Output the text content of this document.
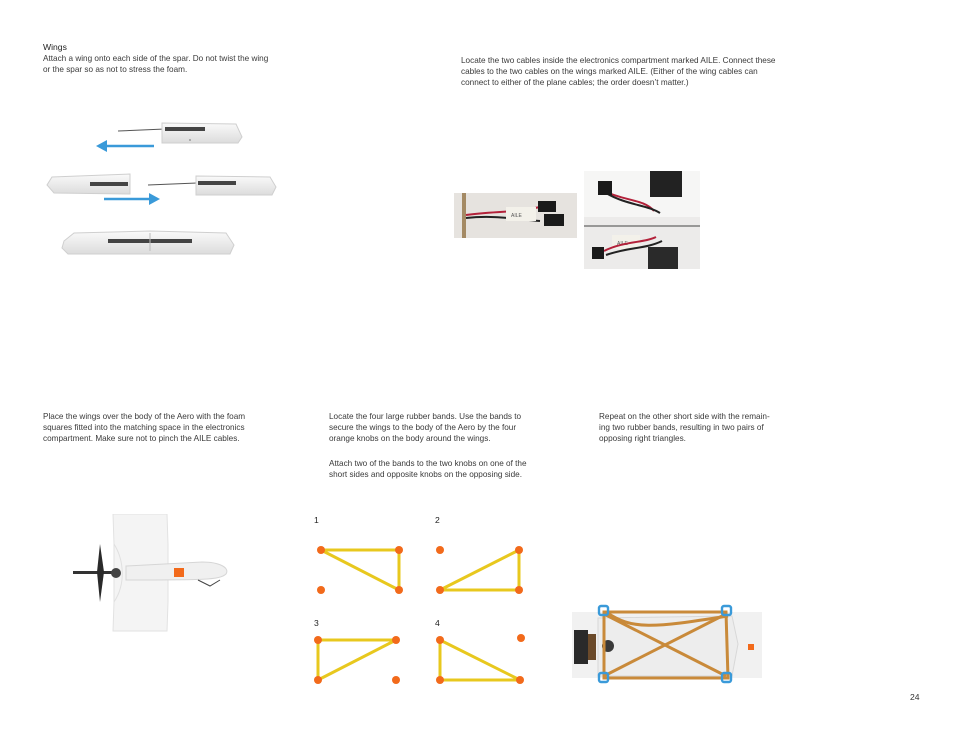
Wings
Attach a wing onto each side of the spar. Do not twist the wing
or the spar so as not to stress the foam.
Locate the two cables inside the electronics compartment marked AILE. Connect these
cables to the two cables on the wings marked AILE. (Either of the wing cables can
connect to either of the plane cables; the order doesn’t matter.)
AILE
AILE
Place the wings over the body of the Aero with the foam
squares fitted into the matching space in the electronics
compartment. Make sure not to pinch the AILE cables.
Locate the four large rubber bands. Use the bands to
secure the wings to the body of the Aero by the four
orange knobs on the body around the wings.
Attach two of the bands to the two knobs on one of the
short sides and opposite knobs on the opposing side.
Repeat on the other short side with the remain-
ing two rubber bands, resulting in two pairs of
opposing right triangles.
1	2
3	4
24
